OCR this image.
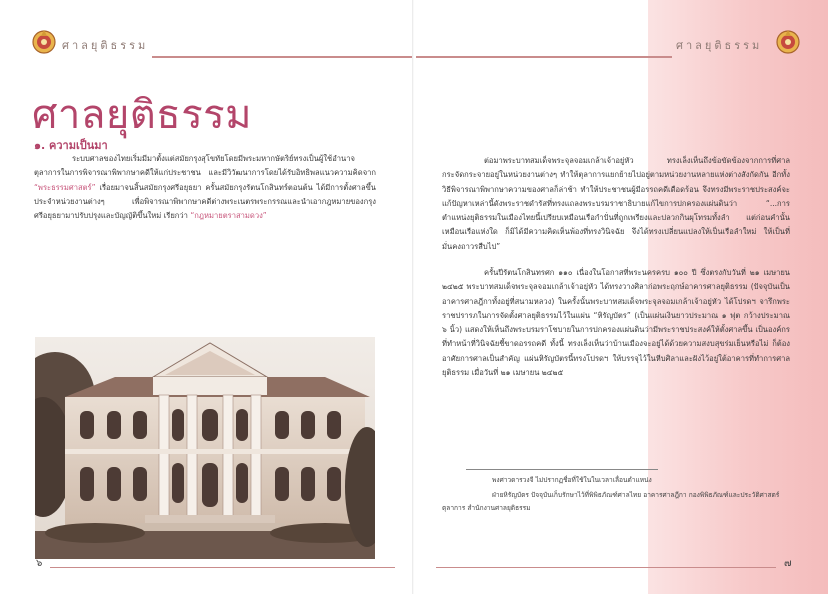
ศาลยุติธรรม
ศาลยุติธรรม
๑. ความเป็นมา

ระบบศาลของไทยเริ่มมีมาตั้งแต่สมัยกรุงสุโขทัยโดยมีพระมหากษัตริย์ทรงเป็นผู้ใช้อำนาจตุลาการในการพิจารณาพิพากษาคดีให้แก่ประชาชน และมีวิวัฒนาการโดยได้รับอิทธิพลแนวความคิดจาก “พระธรรมศาสตร์” เรื่อยมาจนสิ้นสมัยกรุงศรีอยุธยา ครั้นสมัยกรุงรัตนโกสินทร์ตอนต้น ได้มีการตั้งศาลขึ้นประจำหน่วยงานต่างๆ เพื่อพิจารณาพิพากษาคดีต่างพระเนตรพระกรรณและนำเอากฎหมายของกรุงศรีอยุธยามาปรับปรุงและบัญญัติขึ้นใหม่ เรียกว่า “กฎหมายตราสามดวง”

๖
ศาลยุติธรรม

ต่อมาพระบาทสมเด็จพระจุลจอมเกล้าเจ้าอยู่หัว ทรงเล็งเห็นถึงข้อขัดข้องจากการที่ศาลกระจัดกระจายอยู่ในหน่วยงานต่างๆ ทำให้ตุลาการแยกย้ายไปอยู่ตามหน่วยงานหลายแห่งต่างสังกัดกัน อีกทั้งวิธีพิจารณาพิพากษาความของศาลก็ล่าช้า ทำให้ประชาชนผู้มีอรรถคดีเดือดร้อน จึงทรงมีพระราชประสงค์จะแก้ปัญหาเหล่านี้ดังพระราชดำรัสที่ทรงแถลงพระบรมราชาธิบายแก้ไขการปกครองแผ่นดินว่า “...การตำแหน่งยุติธรรมในเมืองไทยนี้เปรียบเหมือนเรือกำปั่นที่ถูกเพรียงและปลวกกินผุโทรมทั้งลำ แต่ก่อนคำนั้นเหมือนเรือแห่งใด ก็มิได้มีความคิดเห็นพ้องที่ทรงวินิจฉัย จึงได้ทรงเปลี่ยนแปลงให้เป็นเรือลำใหม่ ให้เป็นที่มั่นคงถาวรสืบไป”

ครั้นปีรัตนโกสินทรศก ๑๑๐ เนื่องในโอกาสที่พระนครครบ ๑๐๐ ปี ซึ่งตรงกับวันที่ ๒๑ เมษายน ๒๔๒๕ พระบาทสมเด็จพระจุลจอมเกล้าเจ้าอยู่หัว ได้ทรงวางศิลาก่อพระฤกษ์อาคารศาลยุติธรรม (ปัจจุบันเป็นอาคารศาลฎีกาทั้งอยู่ที่สนามหลวง) ในครั้งนั้นพระบาทสมเด็จพระจุลจอมเกล้าเจ้าอยู่หัว ได้โปรดฯ จารึกพระราชปรารภในการจัดตั้งศาลยุติธรรมไว้ในแผ่น “หิรัญบัตร” (เป็นแผ่นเงินยาวประมาณ ๑ ฟุต กว้างประมาณ ๖ นิ้ว) แสดงให้เห็นถึงพระบรมราโชบายในการปกครองแผ่นดินว่ามีพระราชประสงค์ให้ตั้งศาลขึ้น เป็นองค์กรที่ทำหน้าที่วินิจฉัยชี้ขาดอรรถคดี ทั้งนี้ ทรงเล็งเห็นว่าบ้านเมืองจะอยู่ได้ด้วยความสงบสุขร่มเย็นหรือไม่ ก็ต้องอาศัยการศาลเป็นสำคัญ แผ่นหิรัญบัตรนี้ทรงโปรดฯ ให้บรรจุไว้ในหีบศิลาและฝังไว้อยู่ใต้อาคารที่ทำการศาลยุติธรรม เมื่อวันที่ ๒๑ เมษายน ๒๔๒๕

พงศาวดารวงจี ไม่ปรากฏชื่อที่ใช้ในในเวลาเลื่อนตำแหน่ง

ฝ่ายหิรัญบัตร ปัจจุบันเก็บรักษาไว้ที่พิพิธภัณฑ์ศาลไทย อาคารศาลฎีกา กองพิพิธภัณฑ์และประวัติศาสตร์ตุลาการ สำนักงานศาลยุติธรรม

๗
